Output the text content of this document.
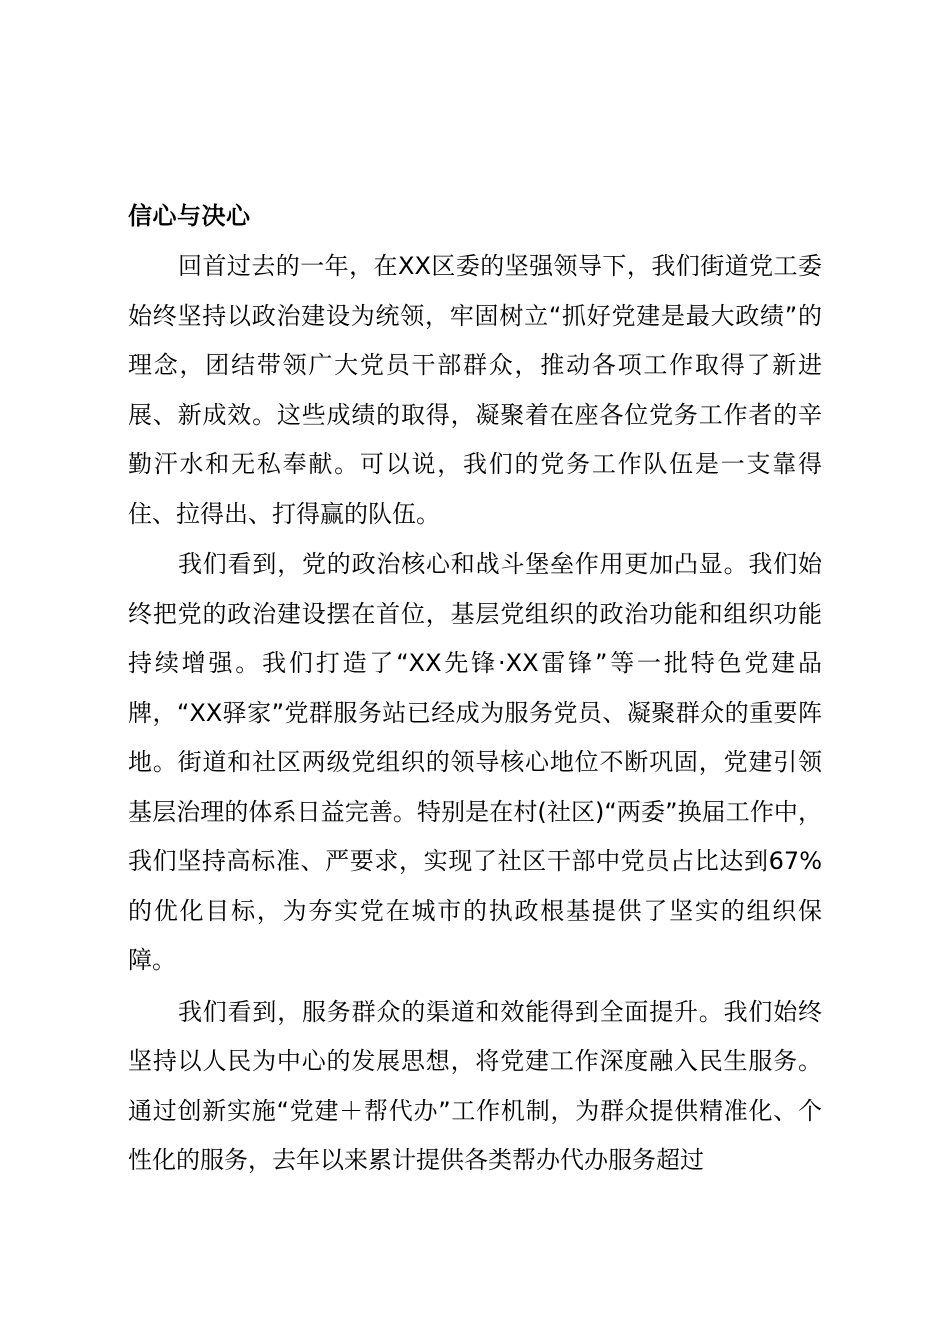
信心与决心

回首过去的一年，在XX区委的坚强领导下，我们街道党工委始终坚持以政治建设为统领，牢固树立“抓好党建是最大政绩”的理念，团结带领广大党员干部群众，推动各项工作取得了新进展、新成效。这些成绩的取得，凝聚着在座各位党务工作者的辛勤汗水和无私奉献。可以说，我们的党务工作队伍是一支靠得住、拉得出、打得赢的队伍。

我们看到，党的政治核心和战斗堡垒作用更加凸显。我们始终把党的政治建设摆在首位，基层党组织的政治功能和组织功能持续增强。我们打造了“XX先锋·XX雷锋”等一批特色党建品牌，“XX驿家”党群服务站已经成为服务党员、凝聚群众的重要阵地。街道和社区两级党组织的领导核心地位不断巩固，党建引领基层治理的体系日益完善。特别是在村(社区)“两委”换届工作中，我们坚持高标准、严要求，实现了社区干部中党员占比达到67%的优化目标，为夯实党在城市的执政根基提供了坚实的组织保障。

我们看到，服务群众的渠道和效能得到全面提升。我们始终坚持以人民为中心的发展思想，将党建工作深度融入民生服务。通过创新实施“党建＋帮代办”工作机制，为群众提供精准化、个性化的服务，去年以来累计提供各类帮办代办服务超过
